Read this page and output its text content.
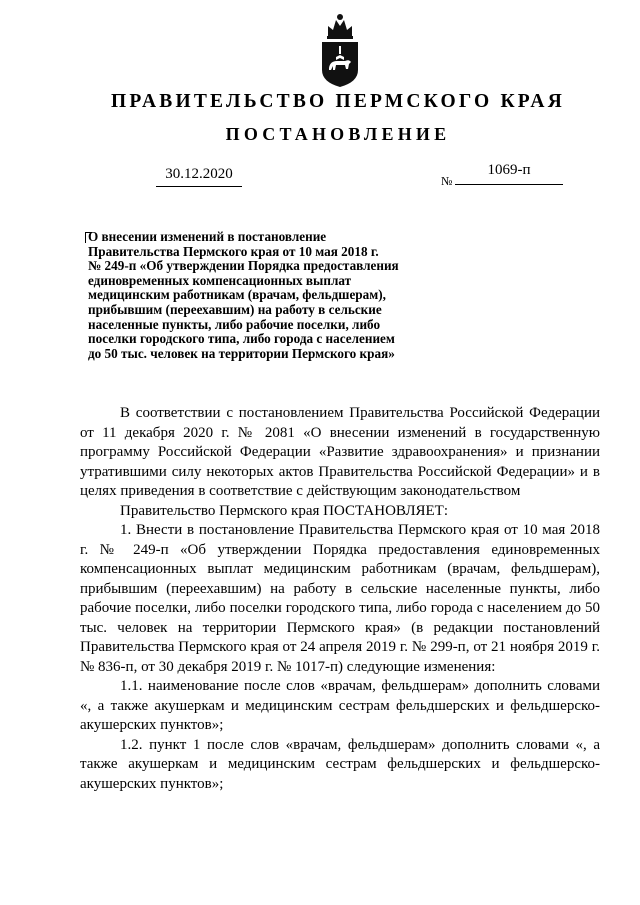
ПРАВИТЕЛЬСТВО ПЕРМСКОГО КРАЯ
ПОСТАНОВЛЕНИЕ
30.12.2020	№
1069-п
О внесении изменений в постановление
Правительства Пермского края от 10 мая 2018 г.
№ 249-п «Об утверждении Порядка предоставления
единовременных компенсационных выплат
медицинским работникам (врачам, фельдшерам),
прибывшим (переехавшим) на работу в сельские
населенные пункты, либо рабочие поселки, либо
поселки городского типа, либо города с населением
до 50 тыс. человек на территории Пермского края»

В соответствии с постановлением Правительства Российской Федерации от 11 декабря 2020 г. № 2081 «О внесении изменений в государственную программу Российской Федерации «Развитие здравоохранения» и признании утратившими силу некоторых актов Правительства Российской Федерации» и в целях приведения в соответствие с действующим законодательством

Правительство Пермского края ПОСТАНОВЛЯЕТ:

1. Внести в постановление Правительства Пермского края от 10 мая 2018 г. № 249-п «Об утверждении Порядка предоставления единовременных компенсационных выплат медицинским работникам (врачам, фельдшерам), прибывшим (переехавшим) на работу в сельские населенные пункты, либо рабочие поселки, либо поселки городского типа, либо города с населением до 50 тыс. человек на территории Пермского края» (в редакции постановлений Правительства Пермского края от 24 апреля 2019 г. № 299-п, от 21 ноября 2019 г. № 836-п, от 30 декабря 2019 г. № 1017-п) следующие изменения:

1.1. наименование после слов «врачам, фельдшерам» дополнить словами «, а также акушеркам и медицинским сестрам фельдшерских и фельдшерско-акушерских пунктов»;

1.2. пункт 1 после слов «врачам, фельдшерам» дополнить словами «, а также акушеркам и медицинским сестрам фельдшерских и фельдшерско-акушерских пунктов»;
